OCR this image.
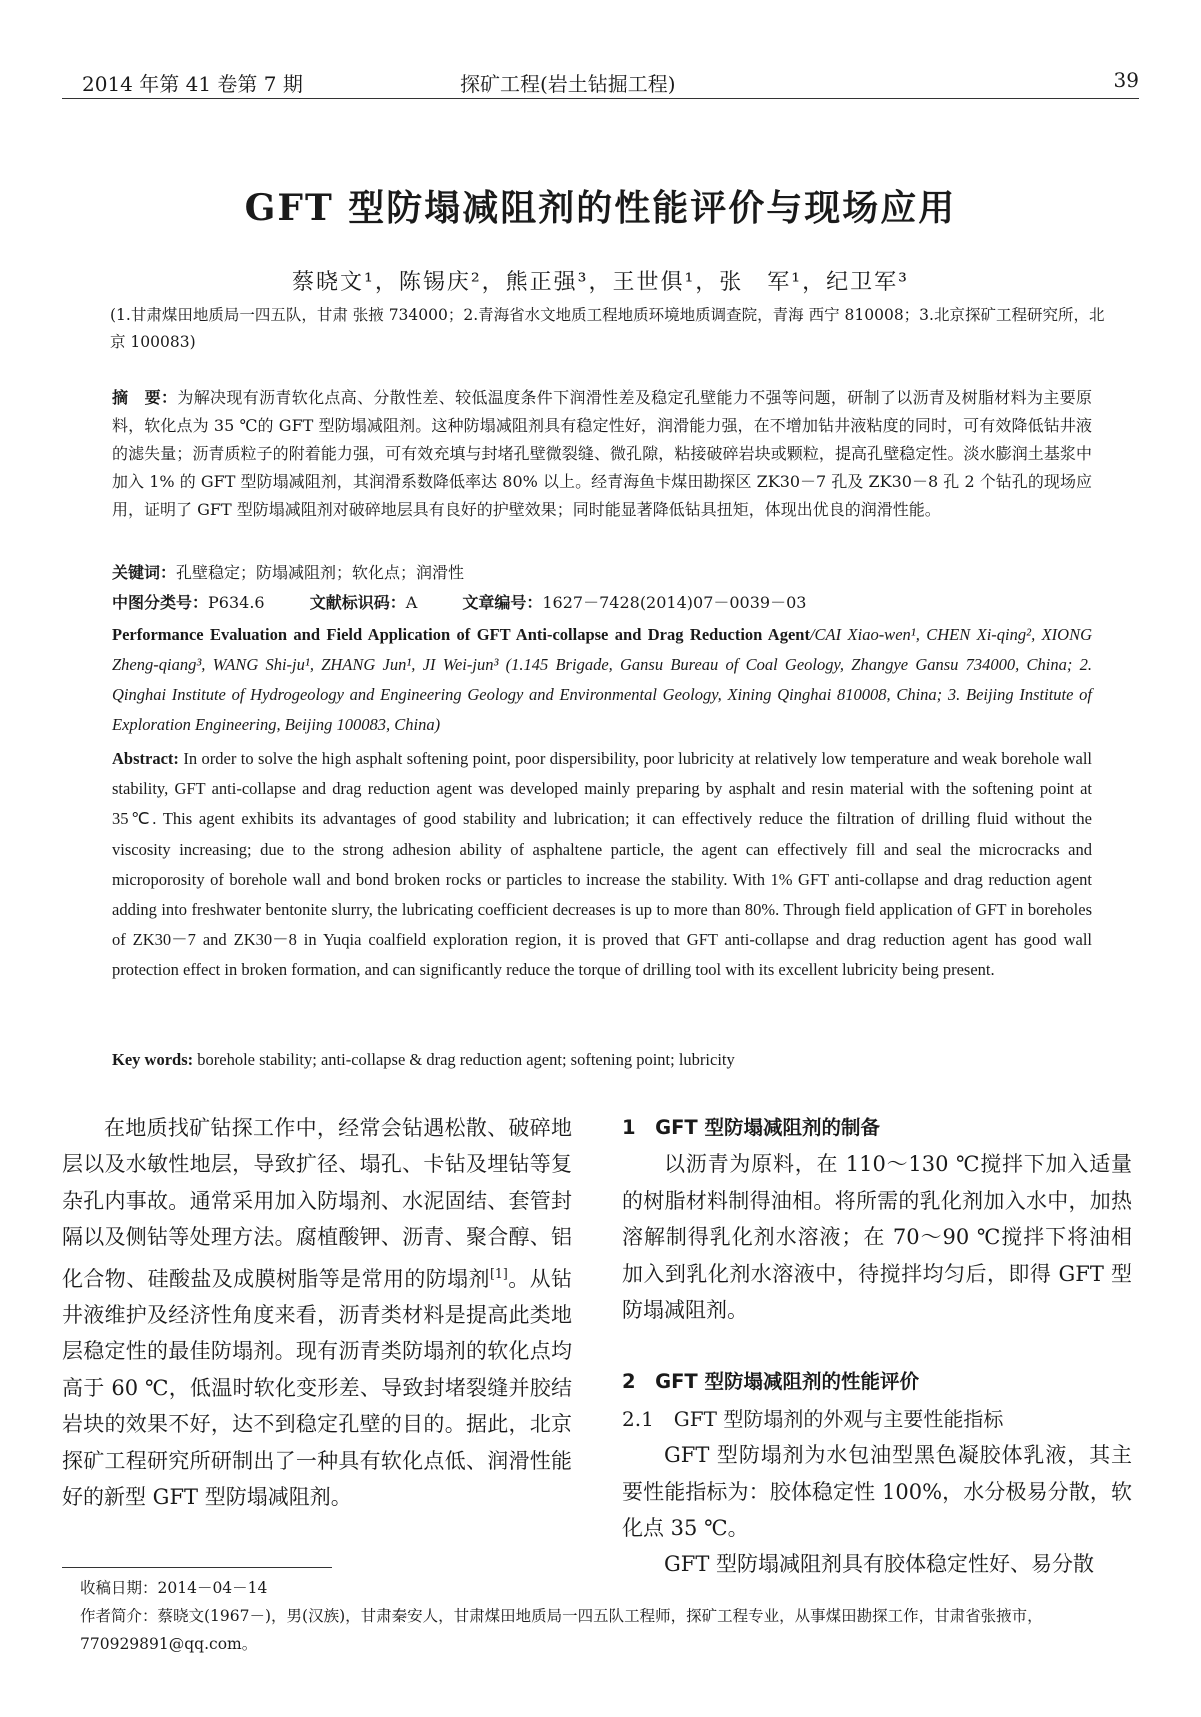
2014 年第 41 卷第 7 期	探矿工程(岩土钻掘工程)	39
GFT 型防塌减阻剂的性能评价与现场应用
蔡晓文¹，陈锡庆²，熊正强³，王世俱¹，张　军¹，纪卫军³
(1.甘肃煤田地质局一四五队，甘肃 张掖 734000；2.青海省水文地质工程地质环境地质调查院，青海 西宁 810008；3.北京探矿工程研究所，北京 100083)
摘　要：为解决现有沥青软化点高、分散性差、较低温度条件下润滑性差及稳定孔壁能力不强等问题，研制了以沥青及树脂材料为主要原料，软化点为 35 ℃的 GFT 型防塌减阻剂。这种防塌减阻剂具有稳定性好，润滑能力强，在不增加钻井液粘度的同时，可有效降低钻井液的滤失量；沥青质粒子的附着能力强，可有效充填与封堵孔壁微裂缝、微孔隙，粘接破碎岩块或颗粒，提高孔壁稳定性。淡水膨润土基浆中加入 1% 的 GFT 型防塌减阻剂，其润滑系数降低率达 80% 以上。经青海鱼卡煤田勘探区 ZK30－7 孔及 ZK30－8 孔 2 个钻孔的现场应用，证明了 GFT 型防塌减阻剂对破碎地层具有良好的护壁效果；同时能显著降低钻具扭矩，体现出优良的润滑性能。
关键词：孔壁稳定；防塌减阻剂；软化点；润滑性
中图分类号：P634.6	文献标识码：A	文章编号：1627－7428(2014)07－0039－03
Performance Evaluation and Field Application of GFT Anti-collapse and Drag Reduction Agent/CAI Xiao-wen¹, CHEN Xi-qing², XIONG Zheng-qiang³, WANG Shi-ju¹, ZHANG Jun¹, JI Wei-jun³ (1.145 Brigade, Gansu Bureau of Coal Geology, Zhangye Gansu 734000, China; 2. Qinghai Institute of Hydrogeology and Engineering Geology and Environmental Geology, Xining Qinghai 810008, China; 3. Beijing Institute of Exploration Engineering, Beijing 100083, China)
Abstract: In order to solve the high asphalt softening point, poor dispersibility, poor lubricity at relatively low temperature and weak borehole wall stability, GFT anti-collapse and drag reduction agent was developed mainly preparing by asphalt and resin material with the softening point at 35℃. This agent exhibits its advantages of good stability and lubrication; it can effectively reduce the filtration of drilling fluid without the viscosity increasing; due to the strong adhesion ability of asphaltene particle, the agent can effectively fill and seal the microcracks and microporosity of borehole wall and bond broken rocks or particles to increase the stability. With 1% GFT anti-collapse and drag reduction agent adding into freshwater bentonite slurry, the lubricating coefficient decreases is up to more than 80%. Through field application of GFT in boreholes of ZK30－7 and ZK30－8 in Yuqia coalfield exploration region, it is proved that GFT anti-collapse and drag reduction agent has good wall protection effect in broken formation, and can significantly reduce the torque of drilling tool with its excellent lubricity being present.
Key words: borehole stability; anti-collapse & drag reduction agent; softening point; lubricity

在地质找矿钻探工作中，经常会钻遇松散、破碎地层以及水敏性地层，导致扩径、塌孔、卡钻及埋钻等复杂孔内事故。通常采用加入防塌剂、水泥固结、套管封隔以及侧钻等处理方法。腐植酸钾、沥青、聚合醇、铝化合物、硅酸盐及成膜树脂等是常用的防塌剂[1]。从钻井液维护及经济性角度来看，沥青类材料是提高此类地层稳定性的最佳防塌剂。现有沥青类防塌剂的软化点均高于 60 ℃，低温时软化变形差、导致封堵裂缝并胶结岩块的效果不好，达不到稳定孔壁的目的。据此，北京探矿工程研究所研制出了一种具有软化点低、润滑性能好的新型 GFT 型防塌减阻剂。

1　GFT 型防塌减阻剂的制备

以沥青为原料，在 110～130 ℃搅拌下加入适量的树脂材料制得油相。将所需的乳化剂加入水中，加热溶解制得乳化剂水溶液；在 70～90 ℃搅拌下将油相加入到乳化剂水溶液中，待搅拌均匀后，即得 GFT 型防塌减阻剂。

2　GFT 型防塌减阻剂的性能评价

2.1　GFT 型防塌剂的外观与主要性能指标

GFT 型防塌剂为水包油型黑色凝胶体乳液，其主要性能指标为：胶体稳定性 100%，水分极易分散，软化点 35 ℃。

GFT 型防塌减阻剂具有胶体稳定性好、易分散

收稿日期：2014－04－14
作者简介：蔡晓文(1967－)，男(汉族)，甘肃秦安人，甘肃煤田地质局一四五队工程师，探矿工程专业，从事煤田勘探工作，甘肃省张掖市，770929891@qq.com。
